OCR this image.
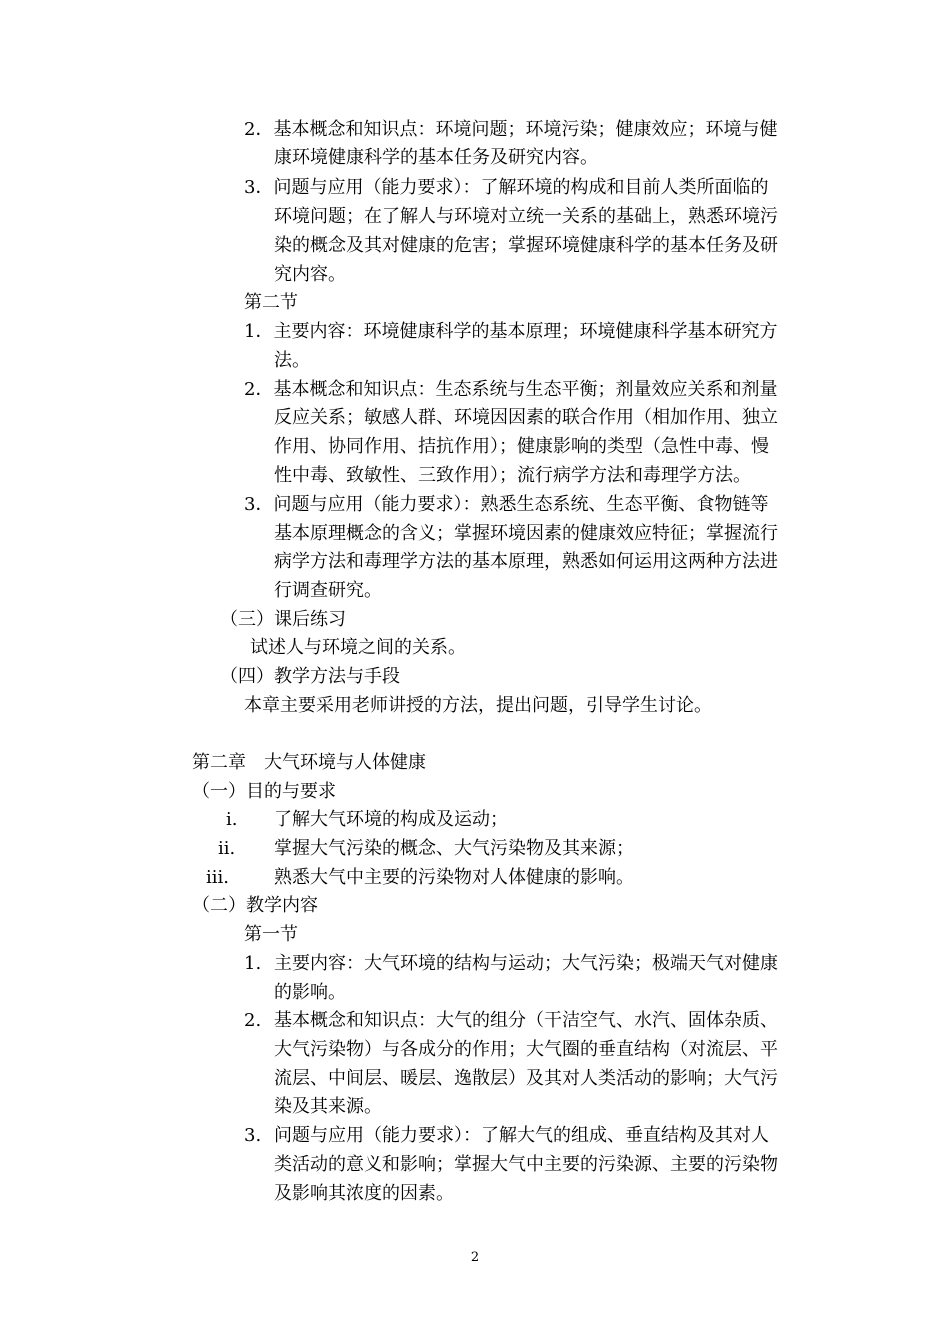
2．基本概念和知识点：环境问题；环境污染；健康效应；环境与健
康环境健康科学的基本任务及研究内容。
3．问题与应用（能力要求）：了解环境的构成和目前人类所面临的
环境问题；在了解人与环境对立统一关系的基础上，熟悉环境污
染的概念及其对健康的危害；掌握环境健康科学的基本任务及研
究内容。
第二节
1．主要内容：环境健康科学的基本原理；环境健康科学基本研究方
法。
2．基本概念和知识点：生态系统与生态平衡；剂量效应关系和剂量
反应关系；敏感人群、环境因因素的联合作用（相加作用、独立
作用、协同作用、拮抗作用）；健康影响的类型（急性中毒、慢
性中毒、致敏性、三致作用）；流行病学方法和毒理学方法。
3．问题与应用（能力要求）：熟悉生态系统、生态平衡、食物链等
基本原理概念的含义；掌握环境因素的健康效应特征；掌握流行
病学方法和毒理学方法的基本原理，熟悉如何运用这两种方法进
行调查研究。
（三）课后练习
试述人与环境之间的关系。
（四）教学方法与手段
本章主要采用老师讲授的方法，提出问题，引导学生讨论。
第二章　大气环境与人体健康
（一）目的与要求
i. 了解大气环境的构成及运动；
ii. 掌握大气污染的概念、大气污染物及其来源；
iii.	熟悉大气中主要的污染物对人体健康的影响。
（二）教学内容
第一节
1. 主要内容：大气环境的结构与运动；大气污染；极端天气对健康
的影响。
2. 基本概念和知识点：大气的组分（干洁空气、水汽、固体杂质、
大气污染物）与各成分的作用；大气圈的垂直结构（对流层、平
流层、中间层、暖层、逸散层）及其对人类活动的影响；大气污
染及其来源。
3. 问题与应用（能力要求）：了解大气的组成、垂直结构及其对人
类活动的意义和影响；掌握大气中主要的污染源、主要的污染物
及影响其浓度的因素。
2
